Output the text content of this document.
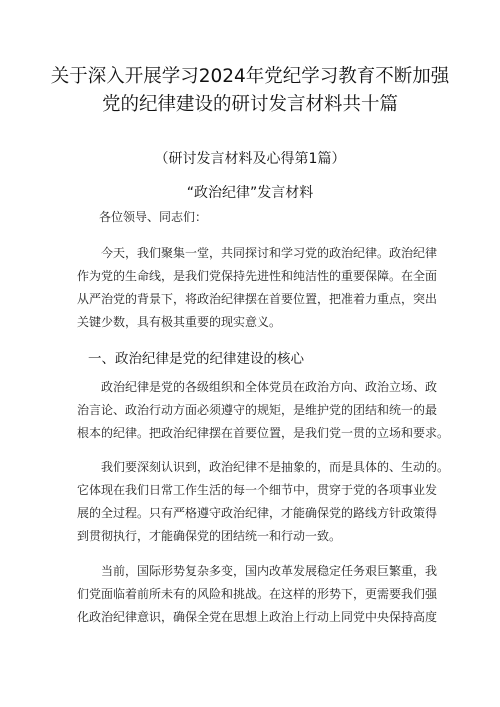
关于深入开展学习2024年党纪学习教育不断加强
党的纪律建设的研讨发言材料共十篇
（研讨发言材料及心得第1篇）
“政治纪律”发言材料
各位领导、同志们：
今天，我们聚集一堂，共同探讨和学习党的政治纪律。政治纪律
作为党的生命线，是我们党保持先进性和纯洁性的重要保障。在全面
从严治党的背景下，将政治纪律摆在首要位置，把准着力重点，突出
关键少数，具有极其重要的现实意义。
一、政治纪律是党的纪律建设的核心
政治纪律是党的各级组织和全体党员在政治方向、政治立场、政
治言论、政治行动方面必须遵守的规矩，是维护党的团结和统一的最
根本的纪律。把政治纪律摆在首要位置，是我们党一贯的立场和要求。
我们要深刻认识到，政治纪律不是抽象的，而是具体的、生动的。
它体现在我们日常工作生活的每一个细节中，贯穿于党的各项事业发
展的全过程。只有严格遵守政治纪律，才能确保党的路线方针政策得
到贯彻执行，才能确保党的团结统一和行动一致。
当前，国际形势复杂多变，国内改革发展稳定任务艰巨繁重，我
们党面临着前所未有的风险和挑战。在这样的形势下，更需要我们强
化政治纪律意识，确保全党在思想上政治上行动上同党中央保持高度
